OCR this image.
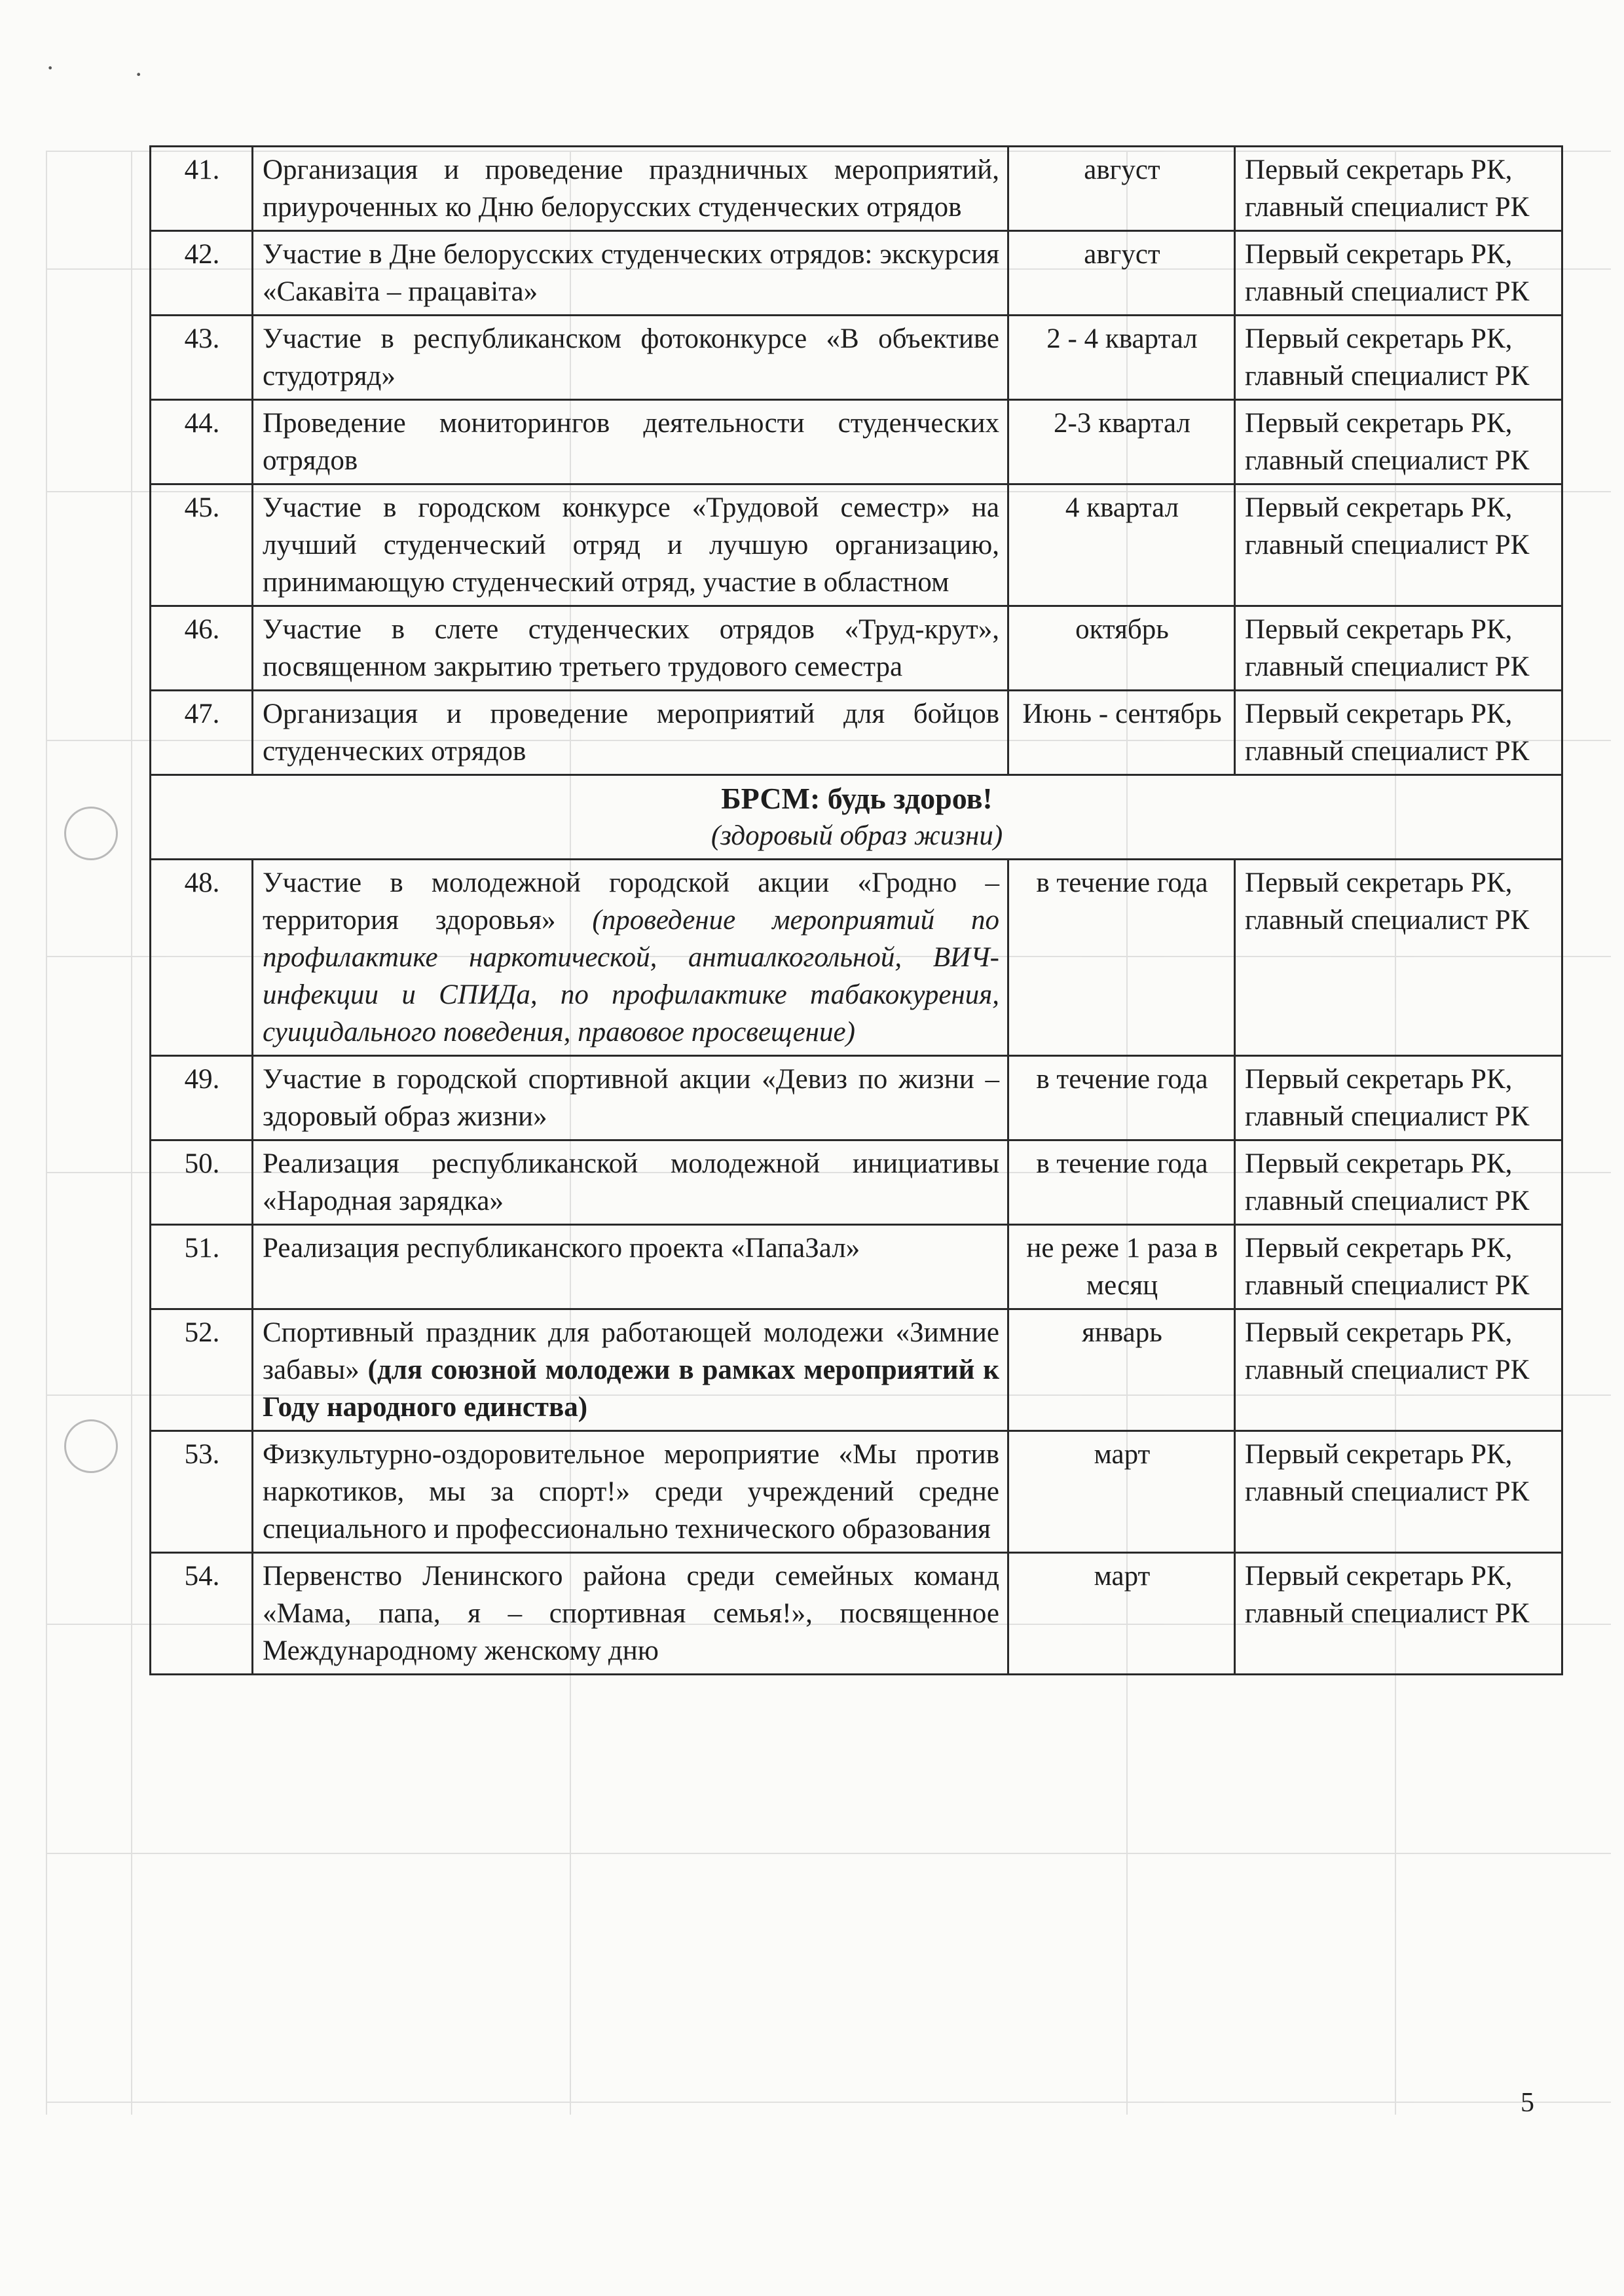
·	·
41.	Организация и проведение праздничных мероприятий, приуроченных ко Дню белорусских студенческих отрядов	август	Первый секретарь РК, главный специалист РК
42.	Участие в Дне белорусских студенческих отрядов: экскурсия «Сакавіта – працавіта»	август	Первый секретарь РК, главный специалист РК
43.	Участие в республиканском фотоконкурсе «В объективе студотряд»	2 - 4 квартал	Первый секретарь РК, главный специалист РК
44.	Проведение мониторингов деятельности студенческих отрядов	2-3 квартал	Первый секретарь РК, главный специалист РК
45.	Участие в городском конкурсе «Трудовой семестр» на лучший студенческий отряд и лучшую организацию, принимающую студенческий отряд, участие в областном	4 квартал	Первый секретарь РК, главный специалист РК
46.	Участие в слете студенческих отрядов «Труд-крут», посвященном закрытию третьего трудового семестра	октябрь	Первый секретарь РК, главный специалист РК
47.	Организация и проведение мероприятий для бойцов студенческих отрядов	Июнь - сентябрь	Первый секретарь РК, главный специалист РК

БРСМ: будь здоров!
(здоровый образ жизни)			

48.	Участие в молодежной городской акции «Гродно – территория здоровья» (проведение мероприятий по профилактике наркотической, антиалкогольной, ВИЧ-инфекции и СПИДа, по профилактике табакокурения, суицидального поведения, правовое просвещение)	в течение года	Первый секретарь РК, главный специалист РК
49.	Участие в городской спортивной акции «Девиз по жизни – здоровый образ жизни»	в течение года	Первый секретарь РК, главный специалист РК
50.	Реализация республиканской молодежной инициативы «Народная зарядка»	в течение года	Первый секретарь РК, главный специалист РК
51.	Реализация республиканского проекта «ПапаЗал»	не реже 1 раза в месяц	Первый секретарь РК, главный специалист РК
52.	Спортивный праздник для работающей молодежи «Зимние забавы» (для союзной молодежи в рамках мероприятий к Году народного единства)	январь	Первый секретарь РК, главный специалист РК
53.	Физкультурно-оздоровительное мероприятие «Мы против наркотиков, мы за спорт!» среди учреждений средне специального и профессионально технического образования	март	Первый секретарь РК, главный специалист РК
54.	Первенство Ленинского района среди семейных команд «Мама, папа, я – спортивная семья!», посвященное Международному женскому дню	март	Первый секретарь РК, главный специалист РК
5
